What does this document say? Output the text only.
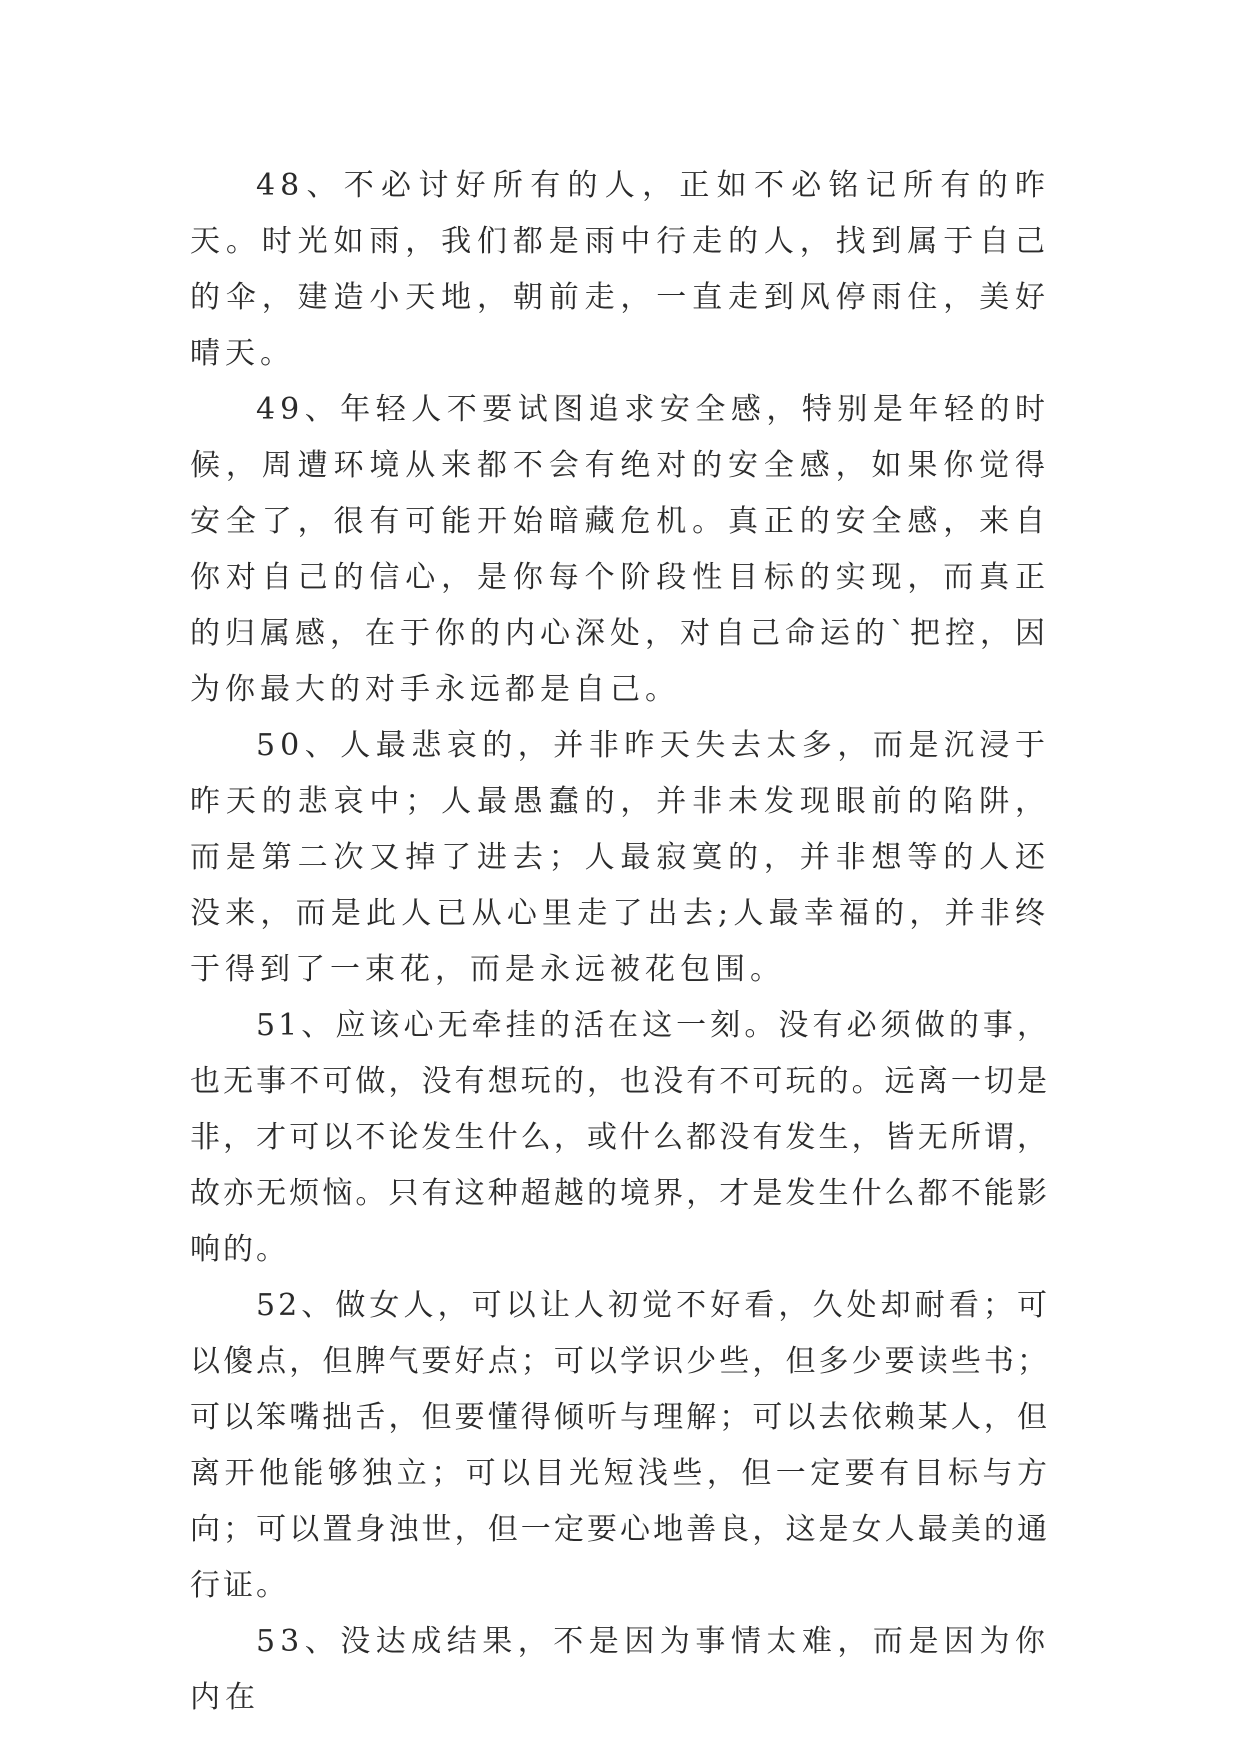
48、不必讨好所有的人，正如不必铭记所有的昨天。时光如雨，我们都是雨中行走的人，找到属于自己的伞，建造小天地，朝前走，一直走到风停雨住，美好晴天。

49、年轻人不要试图追求安全感，特别是年轻的时候，周遭环境从来都不会有绝对的安全感，如果你觉得安全了，很有可能开始暗藏危机。真正的安全感，来自你对自己的信心，是你每个阶段性目标的实现，而真正的归属感，在于你的内心深处，对自己命运的`把控，因为你最大的对手永远都是自己。

50、人最悲哀的，并非昨天失去太多，而是沉浸于昨天的悲哀中；人最愚蠢的，并非未发现眼前的陷阱，而是第二次又掉了进去；人最寂寞的，并非想等的人还没来，而是此人已从心里走了出去;人最幸福的，并非终于得到了一束花，而是永远被花包围。

51、应该心无牵挂的活在这一刻。没有必须做的事，也无事不可做，没有想玩的，也没有不可玩的。远离一切是非，才可以不论发生什么，或什么都没有发生，皆无所谓，故亦无烦恼。只有这种超越的境界，才是发生什么都不能影响的。

52、做女人，可以让人初觉不好看，久处却耐看；可以傻点，但脾气要好点；可以学识少些，但多少要读些书；可以笨嘴拙舌，但要懂得倾听与理解；可以去依赖某人，但离开他能够独立；可以目光短浅些，但一定要有目标与方向；可以置身浊世，但一定要心地善良，这是女人最美的通行证。

53、没达成结果，不是因为事情太难，而是因为你内在
